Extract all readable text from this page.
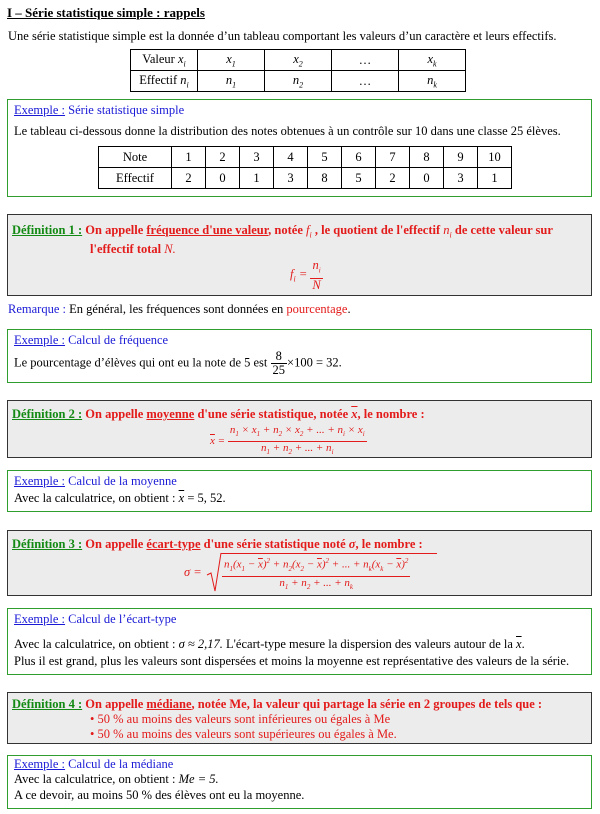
I – Série statistique simple : rappels
Une série statistique simple est la donnée d’un tableau comportant les valeurs d’un caractère et leurs effectifs.
Valeur $x_i$	$x_1$	$x_2$	…	$x_k$
Effectif $n_i$	$n_1$	$n_2$	…	$n_k$
Exemple : Série statistique simple
Le tableau ci-dessous donne la distribution des notes obtenues à un contrôle sur 10 dans une classe 25 élèves.
Note	1	2	3	4	5	6	7	8	9	10
Effectif	2	0	1	3	8	5	2	0	3	1
Définition 1 : On appelle fréquence d'une valeur, notée $f_i$ , le quotient de l'effectif $n_i$ de cette valeur sur
l'effectif total N.
$f_i = \frac{n_i}{N}$
Remarque : En général, les fréquences sont données en pourcentage.
Exemple : Calcul de fréquence
Le pourcentage d’élèves qui ont eu la note de 5 est $\frac{8}{25} \times 100 = 32$.
Définition 2 : On appelle moyenne d'une série statistique, notée $\overline{x}$, le nombre :
$\overline{x} = \frac{n_1 \times x_1 + n_2 \times x_2 + ... + n_i \times x_i}{n_1 + n_2 + ... + n_i}$
Exemple : Calcul de la moyenne
Avec la calculatrice, on obtient : $\overline{x} = 5$, 52.
Définition 3 : On appelle écart-type d'une série statistique noté σ, le nombre :
$\sigma = \frac{n_1(x_1 - \overline{x})^2 + n_2(x_2 - \overline{x})^2 + ... + n_k(x_k - \overline{x})^2}{n_1 + n_2 + ... + n_k}$
Exemple : Calcul de l’écart-type
Avec la calculatrice, on obtient : σ ≈ 2,17. L'écart-type mesure la dispersion des valeurs autour de la $\overline{x}$.
Plus il est grand, plus les valeurs sont dispersées et moins la moyenne est représentative des valeurs de la série.
Définition 4 : On appelle médiane, notée Me, la valeur qui partage la série en 2 groupes de tels que :
• 50 % au moins des valeurs sont inférieures ou égales à Me
• 50 % au moins des valeurs sont supérieures ou égales à Me.
Exemple : Calcul de la médiane
Avec la calculatrice, on obtient : Me = 5.
A ce devoir, au moins 50 % des élèves ont eu la moyenne.
